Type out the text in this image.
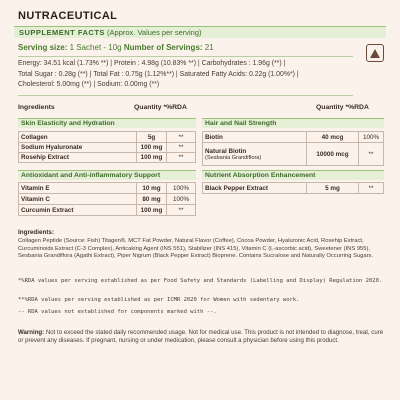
NUTRACEUTICAL
SUPPLEMENT FACTS (Approx. Values per serving)
Serving size: 1 Sachet - 10g Number of Servings: 21
Energy: 34.51 kcal (1.73% **) | Protein : 4.98g (10.83% **) | Carbohydrates : 1.96g (**) |
Total Sugar : 0.28g (**) | Total Fat : 0.75g (1.12%**) | Saturated Fatty Acids: 0.22g (1.00%*) |
Cholesterol: 5.00mg (**) | Sodium: 0.00mg (**)
Ingredients	Quantity *%RDA	Quantity *%RDA
Skin Elasticity and Hydration
Collagen	5g	**
Sodium Hyaluronate	100 mg	**
Rosehip Extract	100 mg	**
Antioxidant and Anti-inflammatory Support
Vitamin E	10 mg	100%
Vitamin C	80 mg	100%
Curcumin Extract	100 mg	**
Hair and Nail Strength
Biotin	40 mcg	100%
Natural Biotin
(Sesbania Grandiflora)	10000 mcg	**
Nutrient Absorption Enhancement
Black Pepper Extract	5 mg	**
Ingredients:
Collagen Peptide (Source: Fish) Titagen®, MCT Fat Powder, Natural Flavor (Coffee), Cocoa Powder, Hyaluronic Acid, Rosehip Extract, Curcuminoids Extract (C-3 Complex), Anticaking Agent (INS 551), Stabilizer (INS 415), Vitamin C (L-ascorbic acid), Sweetener (INS 955), Sesbania Grandiflora (Agathi Extract), Piper Nigrum (Black Pepper Extract) Bioprene. Contains Sucralose and Naturally Occurring Sugars.
*%RDA values per serving established as per Food Safety and Standards (Labelling and Display) Regulation 2020.
**%RDA values per serving established as per ICMR 2020 for Women with sedentary work.
-- RDA values not established for components marked with --.
Warning: Not to exceed the stated daily recommended usage. Not for medical use. This product is not intended to diagnose, treat, cure or prevent any diseases. If pregnant, nursing or under medication, please consult a physician before using this product.
